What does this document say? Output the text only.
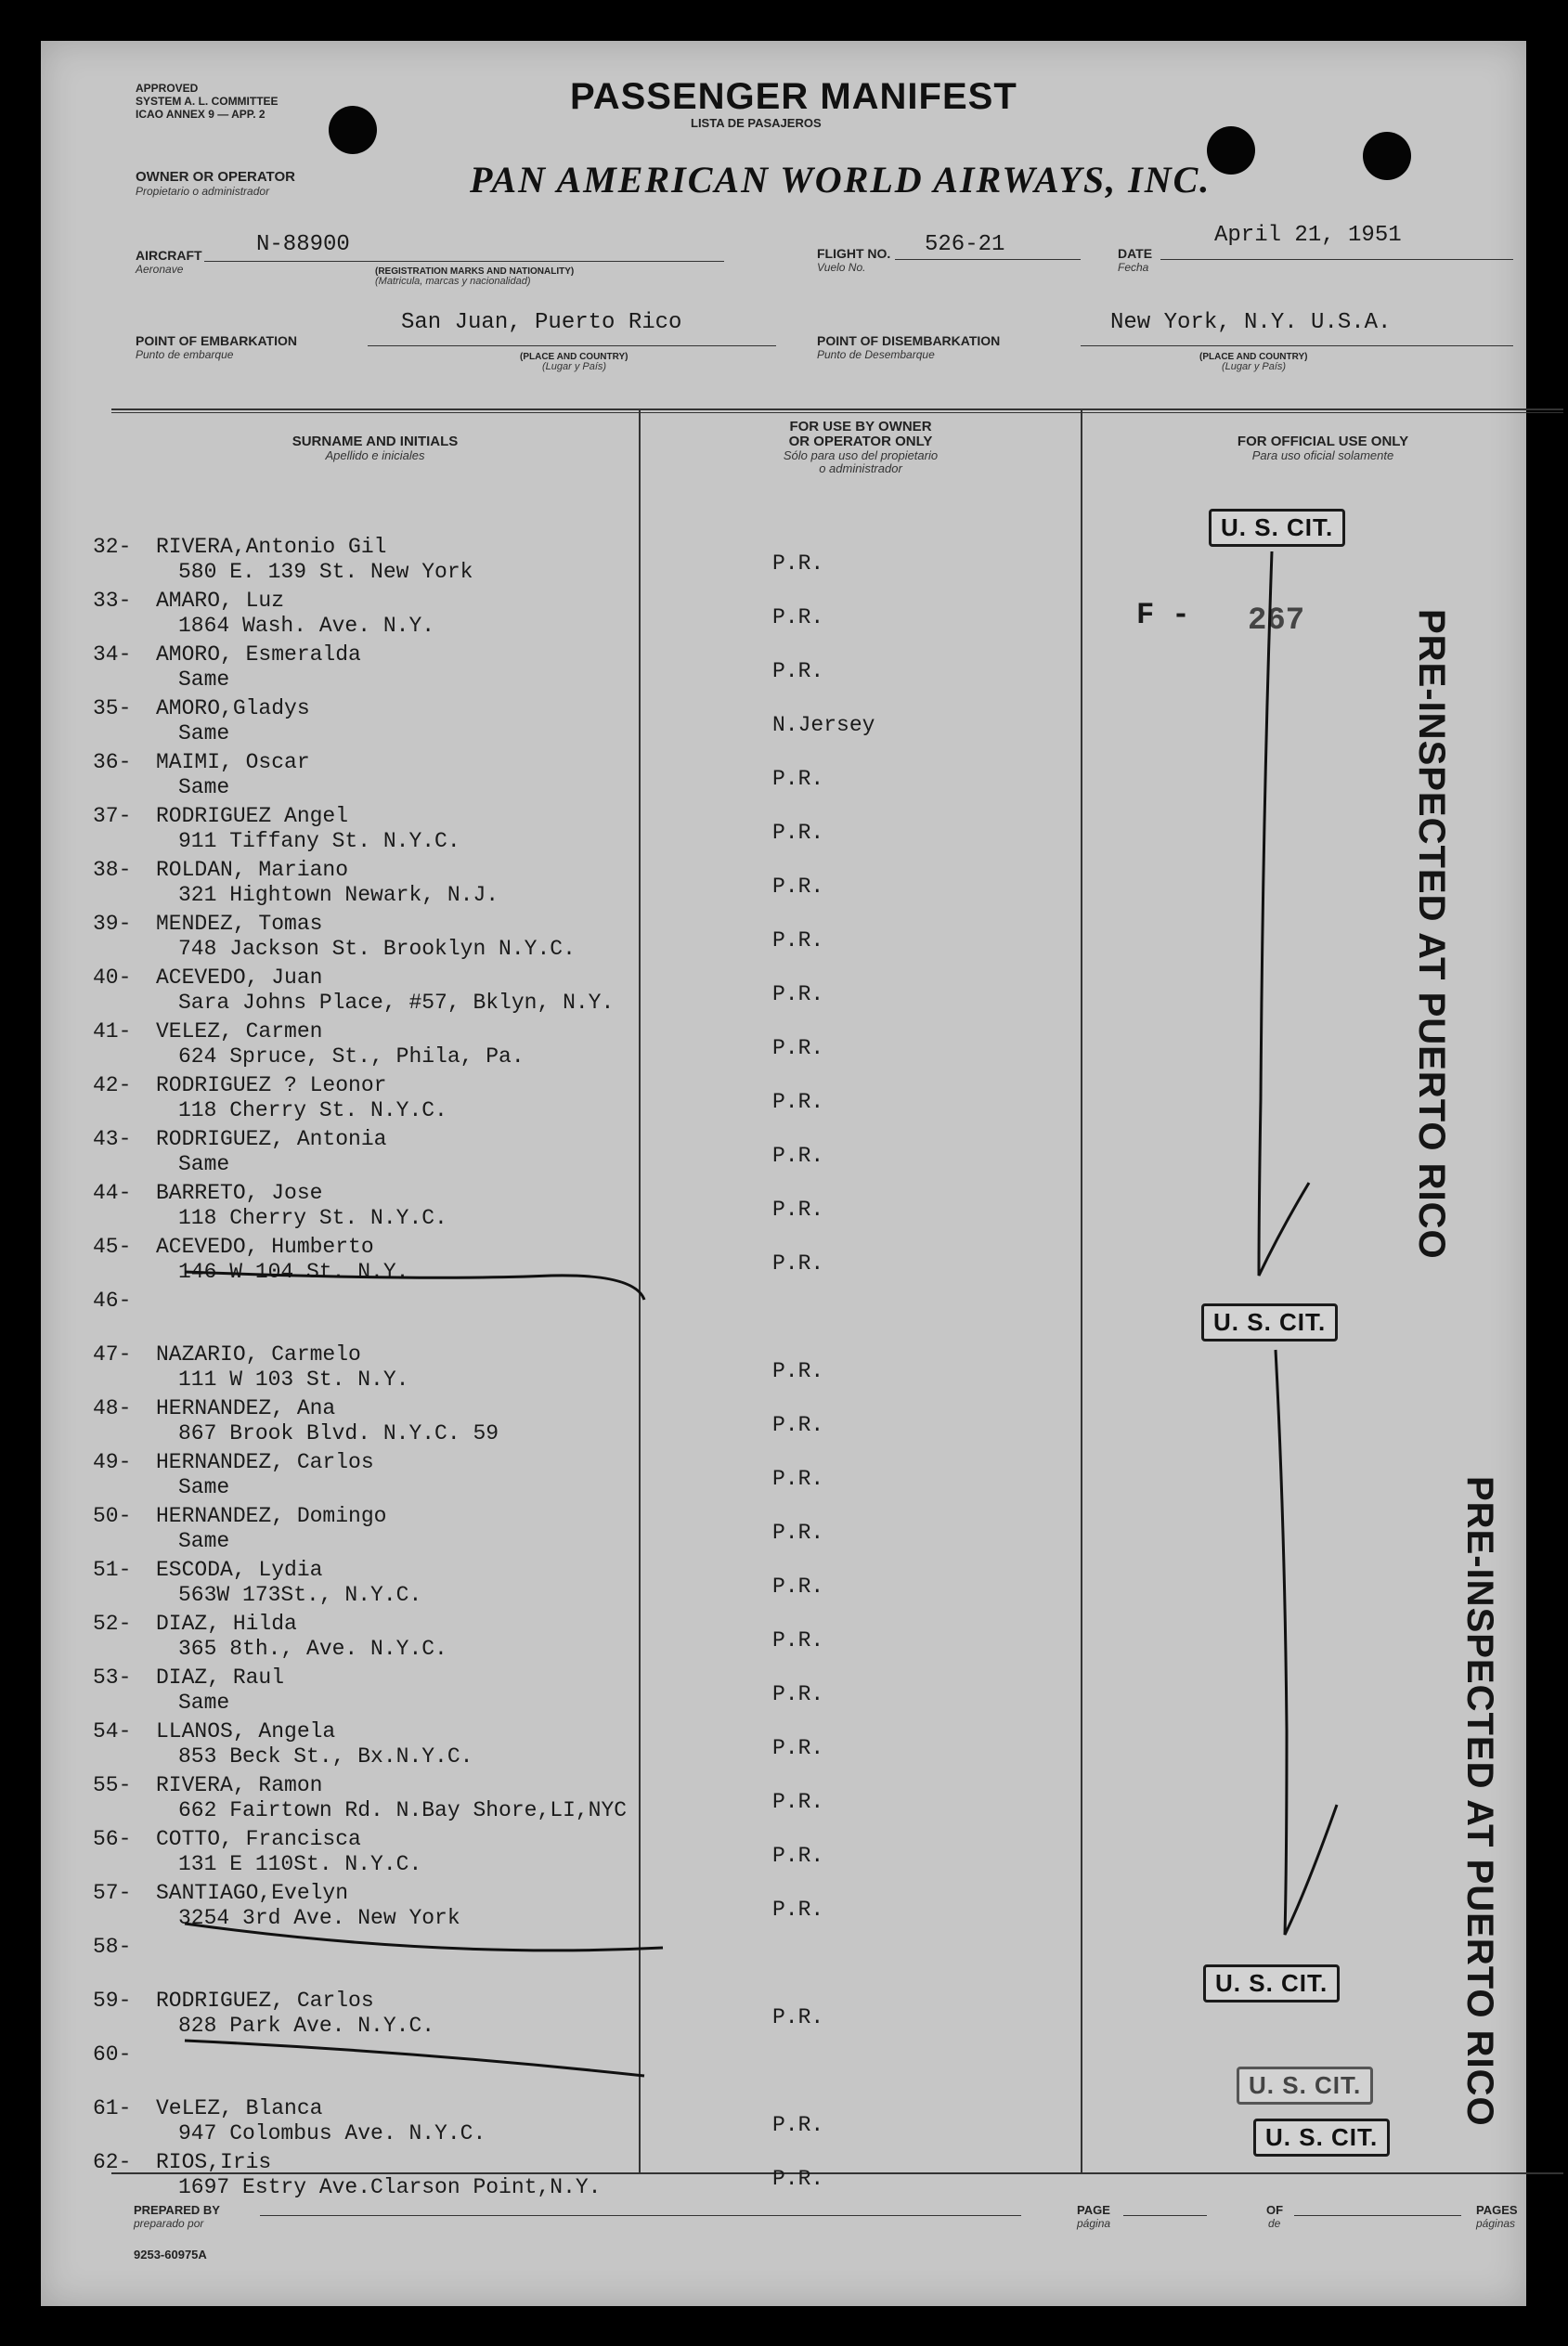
APPROVED
SYSTEM A. L. COMMITTEE
ICAO ANNEX 9 — APP. 2	PASSENGER MANIFEST
LISTA DE PASAJEROS
OWNER OR OPERATOR
Propietario o administrador	PAN AMERICAN WORLD AIRWAYS, INC.
AIRCRAFT
Aeronave
N-88900
(REGISTRATION MARKS AND NATIONALITY)
(Matricula, marcas y nacionalidad)
FLIGHT NO.
Vuelo No.
526-21	DATE
Fecha
April 21, 1951
POINT OF EMBARKATION
Punto de embarque
San Juan, Puerto Rico
(PLACE AND COUNTRY)
(Lugar y País)
POINT OF DISEMBARKATION
Punto de Desembarque
New York, N.Y. U.S.A.
(PLACE AND COUNTRY)
(Lugar y País)
SURNAME AND INITIALS
Apellido e iniciales
FOR USE BY OWNER
OR OPERATOR ONLY
Sólo para uso del propietario
o administrador
FOR OFFICIAL USE ONLY
Para uso oficial solamente
32- RIVERA,Antonio Gil
580 E. 139 St. New York	P.R.
33- AMARO, Luz
1864 Wash. Ave. N.Y.	P.R.
34- AMORO, Esmeralda
Same	P.R.
35- AMORO,Gladys
Same	N.Jersey
36- MAIMI, Oscar
Same	P.R.
37- RODRIGUEZ Angel
911 Tiffany St. N.Y.C.	P.R.
38- ROLDAN, Mariano
321 Hightown Newark, N.J.	P.R.
39- MENDEZ, Tomas
748 Jackson St. Brooklyn N.Y.C.	P.R.
40- ACEVEDO, Juan
Sara Johns Place, #57, Bklyn, N.Y.	P.R.
41- VELEZ, Carmen
624 Spruce, St., Phila, Pa.	P.R.
42- RODRIGUEZ ? Leonor
118 Cherry St. N.Y.C.	P.R.
43- RODRIGUEZ, Antonia
Same	P.R.
44- BARRETO, Jose
118 Cherry St. N.Y.C.	P.R.
45- ACEVEDO, Humberto
146 W 104 St. N.Y.	P.R.
46-
47- NAZARIO, Carmelo
111 W 103 St. N.Y.	P.R.
48- HERNANDEZ, Ana
867 Brook Blvd. N.Y.C. 59	P.R.
49- HERNANDEZ, Carlos
Same	P.R.
50- HERNANDEZ, Domingo
Same	P.R.
51- ESCODA, Lydia
563W 173St., N.Y.C.	P.R.
52- DIAZ, Hilda
365 8th., Ave. N.Y.C.	P.R.
53- DIAZ, Raul
Same	P.R.
54- LLANOS, Angela
853 Beck St., Bx.N.Y.C.	P.R.
55- RIVERA, Ramon
662 Fairtown Rd. N.Bay Shore,LI,NYC	P.R.
56- COTTO, Francisca
131 E 110St. N.Y.C.	P.R.
57- SANTIAGO,Evelyn
3254 3rd Ave. New York	P.R.
58-
59- RODRIGUEZ, Carlos
828 Park Ave. N.Y.C.	P.R.
60-
61- VeLEZ, Blanca
947 Colombus Ave. N.Y.C.	P.R.
62- RIOS,Iris
1697 Estry Ave.Clarson Point,N.Y.	P.R.
U. S. CIT.
F - 267	PRE-INSPECTED AT PUERTO RICO
U. S. CIT.
PRE-INSPECTED AT PUERTO RICO
U. S. CIT.
U. S. CIT.
U. S. CIT.
PREPARED BY
preparado por
PAGE
página
OF
de
PAGES
páginas
9253-60975A
